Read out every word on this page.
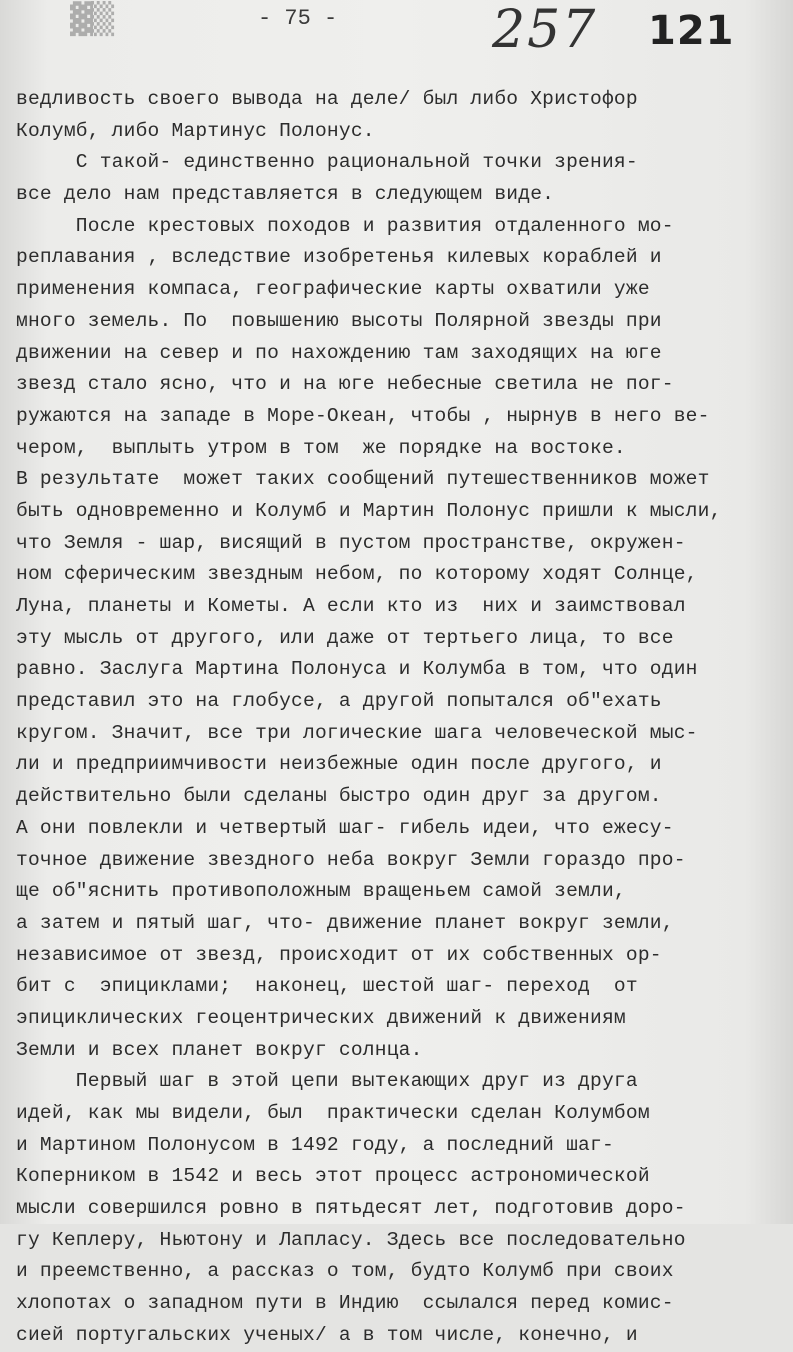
▓▒	- 75 -	257 121
ведливость своего вывода на деле/ был либо Христофор
Колумб, либо Мартинус Полонус.
С такой- единственно рациональной точки зрения-
все дело нам представляется в следующем виде.
После крестовых походов и развития отдаленного мо-
реплавания , вследствие изобретенья килевых кораблей и
применения компаса, географические карты охватили уже
много земель. По  повышению высоты Полярной звезды при
движении на север и по нахождению там заходящих на юге
звезд стало ясно, что и на юге небесные светила не пог-
ружаются на западе в Море-Океан, чтобы , нырнув в него ве-
чером,  выплыть утром в том  же порядке на востоке.
В результате  может таких сообщений путешественников может
быть одновременно и Колумб и Мартин Полонус пришли к мысли,
что Земля - шар, висящий в пустом пространстве, окружен-
ном сферическим звездным небом, по которому ходят Солнце,
Луна, планеты и Кометы. А если кто из  них и заимствовал
эту мысль от другого, или даже от тертьего лица, то все
равно. Заслуга Мартина Полонуса и Колумба в том, что один
представил это на глобусе, а другой попытался об"ехать
кругом. Значит, все три логические шага человеческой мыс-
ли и предприимчивости неизбежные один после другого, и
действительно были сделаны быстро один друг за другом.
А они повлекли и четвертый шаг- гибель идеи, что ежесу-
точное движение звездного неба вокруг Земли гораздо про-
ще об"яснить противоположным вращеньем самой земли,
а затем и пятый шаг, что- движение планет вокруг земли,
независимое от звезд, происходит от их собственных ор-
бит с  эпициклами;  наконец, шестой шаг- переход  от
эпициклических геоцентрических движений к движениям
Земли и всех планет вокруг солнца.
Первый шаг в этой цепи вытекающих друг из друга
идей, как мы видели, был  практически сделан Колумбом
и Мартином Полонусом в 1492 году, а последний шаг-
Коперником в 1542 и весь этот процесс астрономической
мысли совершился ровно в пятьдесят лет, подготовив доро-
гу Кеплеру, Ньютону и Лапласу. Здесь все последовательно
и преемственно, а рассказ о том, будто Колумб при своих
хлопотах о западном пути в Индию  ссылался перед комис-
сией португальских ученых/ а в том числе, конечно, и
